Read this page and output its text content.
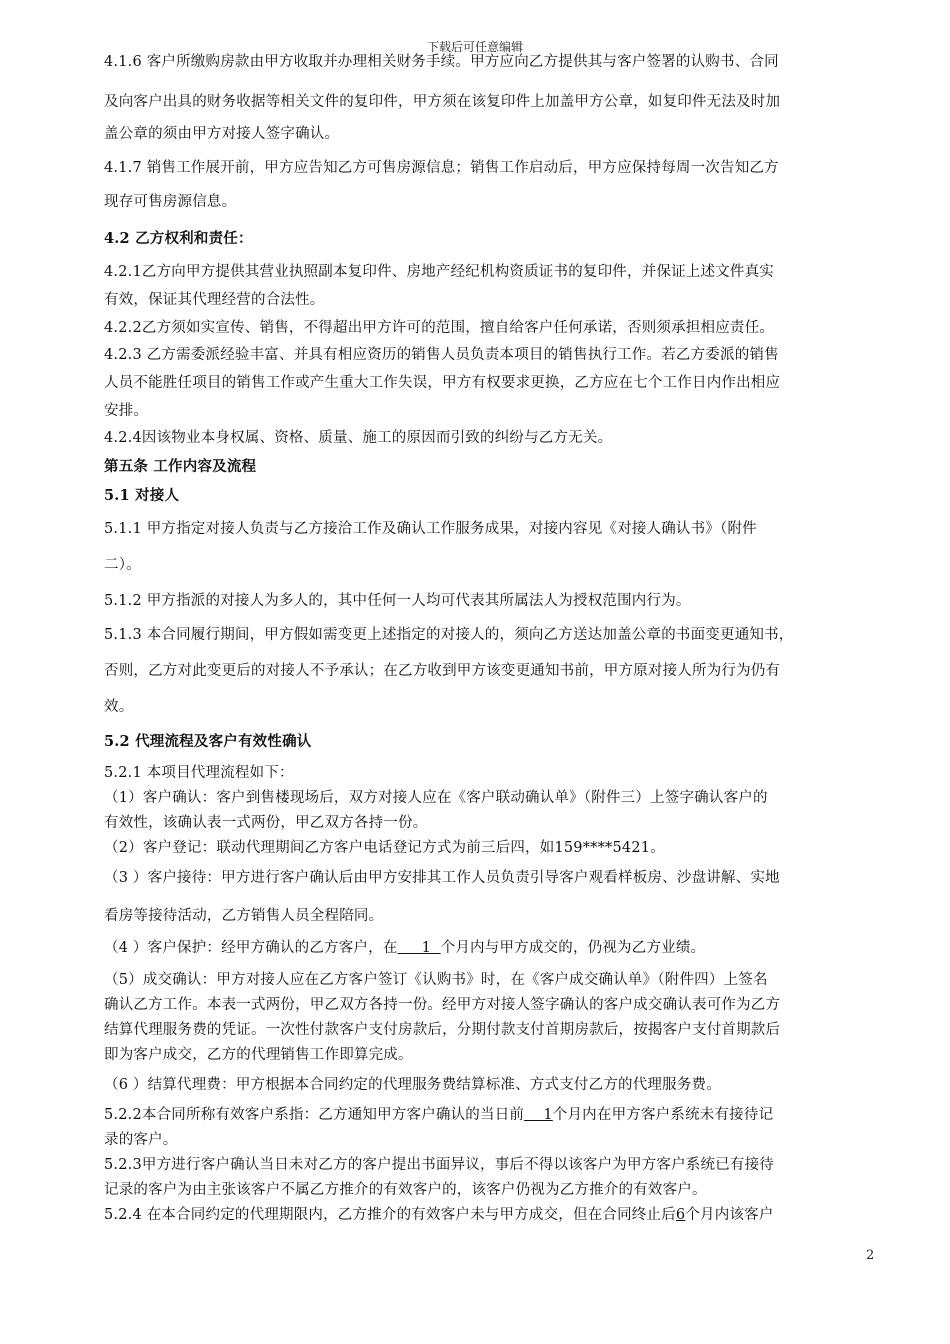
下载后可任意编辑
4.1.6 客户所缴购房款由甲方收取并办理相关财务手续。甲方应向乙方提供其与客户签署的认购书、合同
及向客户出具的财务收据等相关文件的复印件，甲方须在该复印件上加盖甲方公章，如复印件无法及时加
盖公章的须由甲方对接人签字确认。
4.1.7 销售工作展开前，甲方应告知乙方可售房源信息；销售工作启动后，甲方应保持每周一次告知乙方
现存可售房源信息。
4.2 乙方权利和责任：
4.2.1乙方向甲方提供其营业执照副本复印件、房地产经纪机构资质证书的复印件，并保证上述文件真实
有效，保证其代理经营的合法性。
4.2.2乙方须如实宣传、销售，不得超出甲方许可的范围，擅自给客户任何承诺，否则须承担相应责任。
4.2.3 乙方需委派经验丰富、并具有相应资历的销售人员负责本项目的销售执行工作。若乙方委派的销售
人员不能胜任项目的销售工作或产生重大工作失误，甲方有权要求更换，乙方应在七个工作日内作出相应
安排。
4.2.4因该物业本身权属、资格、质量、施工的原因而引致的纠纷与乙方无关。
第五条 工作内容及流程
5.1 对接人
5.1.1 甲方指定对接人负责与乙方接洽工作及确认工作服务成果，对接内容见《对接人确认书》（附件
二）。
5.1.2 甲方指派的对接人为多人的，其中任何一人均可代表其所属法人为授权范围内行为。
5.1.3 本合同履行期间，甲方假如需变更上述指定的对接人的，须向乙方送达加盖公章的书面变更通知书，
否则，乙方对此变更后的对接人不予承认；在乙方收到甲方该变更通知书前，甲方原对接人所为行为仍有
效。
5.2 代理流程及客户有效性确认
5.2.1 本项目代理流程如下：
（1）客户确认：客户到售楼现场后，双方对接人应在《客户联动确认单》（附件三）上签字确认客户的
有效性，该确认表一式两份，甲乙双方各持一份。
（2）客户登记：联动代理期间乙方客户电话登记方式为前三后四，如159****5421。
（3 ）客户接待：甲方进行客户确认后由甲方安排其工作人员负责引导客户观看样板房、沙盘讲解、实地
看房等接待活动，乙方销售人员全程陪同。
（4 ）客户保护：经甲方确认的乙方客户，在     1  个月内与甲方成交的，仍视为乙方业绩。
（5）成交确认：甲方对接人应在乙方客户签订《认购书》时，在《客户成交确认单》（附件四）上签名
确认乙方工作。本表一式两份，甲乙双方各持一份。经甲方对接人签字确认的客户成交确认表可作为乙方
结算代理服务费的凭证。一次性付款客户支付房款后，分期付款支付首期房款后，按揭客户支付首期款后
即为客户成交，乙方的代理销售工作即算完成。
（6 ）结算代理费：甲方根据本合同约定的代理服务费结算标准、方式支付乙方的代理服务费。
5.2.2本合同所称有效客户系指：乙方通知甲方客户确认的当日前    1个月内在甲方客户系统未有接待记
录的客户。
5.2.3甲方进行客户确认当日未对乙方的客户提出书面异议，事后不得以该客户为甲方客户系统已有接待
记录的客户为由主张该客户不属乙方推介的有效客户的，该客户仍视为乙方推介的有效客户。
5.2.4 在本合同约定的代理期限内，乙方推介的有效客户未与甲方成交，但在合同终止后6个月内该客户
2
